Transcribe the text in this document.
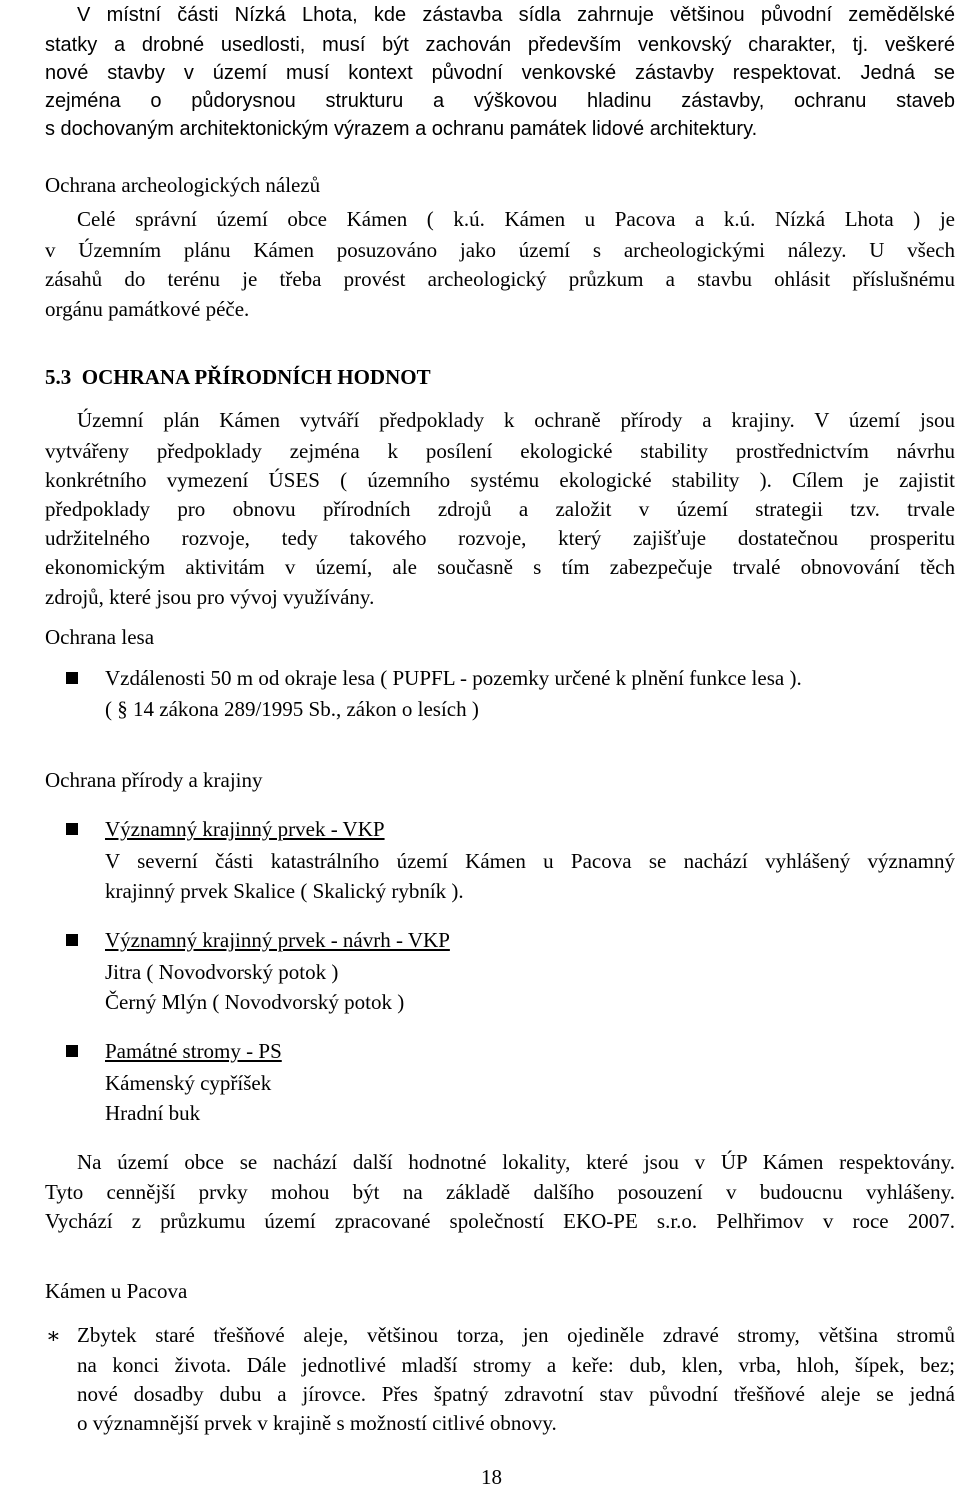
V místní části Nízká Lhota, kde zástavba sídla zahrnuje většinou původní zemědělské
statky a drobné usedlosti, musí být zachován především venkovský charakter, tj. veškeré
nové stavby v území musí kontext původní venkovské zástavby respektovat. Jedná se
zejména o půdorysnou strukturu a výškovou hladinu zástavby, ochranu staveb
s dochovaným architektonickým výrazem a ochranu památek lidové architektury.
Ochrana archeologických nálezů
Celé správní území obce Kámen ( k.ú. Kámen u Pacova a k.ú. Nízká Lhota ) je
v Územním plánu Kámen posuzováno jako území s archeologickými nálezy. U všech
zásahů do terénu je třeba provést archeologický průzkum a stavbu ohlásit příslušnému
orgánu památkové péče.
5.3  OCHRANA PŘÍRODNÍCH HODNOT
Územní plán Kámen vytváří předpoklady k ochraně přírody a krajiny. V území jsou
vytvářeny předpoklady zejména k posílení ekologické stability prostřednictvím návrhu
konkrétního vymezení ÚSES ( územního systému ekologické stability ). Cílem je zajistit
předpoklady pro obnovu přírodních zdrojů a založit v území strategii tzv. trvale
udržitelného rozvoje, tedy takového rozvoje, který zajišťuje dostatečnou prosperitu
ekonomickým aktivitám v území, ale současně s tím zabezpečuje trvalé obnovování těch
zdrojů, které jsou pro vývoj využívány.
Ochrana lesa
Vzdálenosti 50 m od okraje lesa ( PUPFL - pozemky určené k plnění funkce lesa ).
( § 14 zákona 289/1995 Sb., zákon o lesích )
Ochrana přírody a krajiny
Významný krajinný prvek - VKP
V severní části katastrálního území Kámen u Pacova se nachází vyhlášený významný
krajinný prvek Skalice ( Skalický rybník ).
Významný krajinný prvek - návrh - VKP
Jitra ( Novodvorský potok )
Černý Mlýn ( Novodvorský potok )
Památné stromy - PS
Kámenský cypříšek
Hradní buk
Na území obce se nachází další hodnotné lokality, které jsou v ÚP Kámen respektovány.
Tyto cennější prvky mohou být na základě dalšího posouzení v budoucnu vyhlášeny.
Vychází z průzkumu území zpracované společností EKO-PE s.r.o. Pelhřimov v roce 2007.
Kámen u Pacova
∗ Zbytek staré třešňové aleje, většinou torza, jen ojediněle zdravé stromy, většina stromů
na konci života. Dále jednotlivé mladší stromy a keře: dub, klen, vrba, hloh, šípek, bez;
nové dosadby dubu a jírovce. Přes špatný zdravotní stav původní třešňové aleje se jedná
o významnější prvek v krajině s možností citlivé obnovy.
18
